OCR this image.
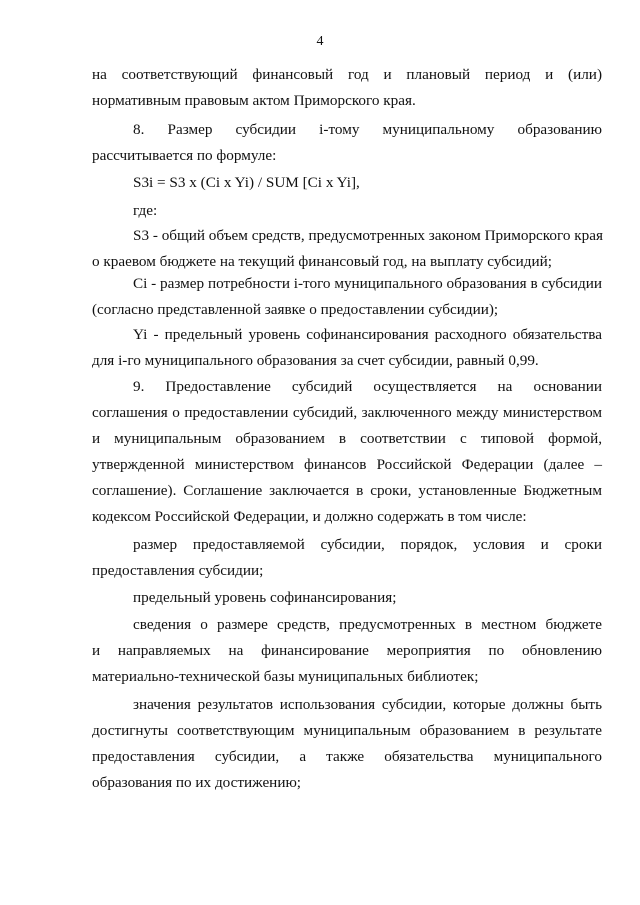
4
на соответствующий финансовый год и плановый период и (или)
нормативным правовым актом Приморского края.
8. Размер субсидии i-тому муниципальному образованию
рассчитывается по формуле:
S3i = S3 x (Ci x Yi) / SUM [Ci x Yi],
где:
S3 - общий объем средств, предусмотренных законом Приморского края
о краевом бюджете на текущий финансовый год, на выплату субсидий;
Ci - размер потребности i-того муниципального образования в субсидии
(согласно представленной заявке о предоставлении субсидии);
Yi - предельный уровень софинансирования расходного обязательства
для i-го муниципального образования за счет субсидии, равный 0,99.
9. Предоставление субсидий осуществляется на основании
соглашения о предоставлении субсидий, заключенного между министерством
и муниципальным образованием в соответствии с типовой формой,
утвержденной министерством финансов Российской Федерации (далее –
соглашение). Соглашение заключается в сроки, установленные Бюджетным
кодексом Российской Федерации, и должно содержать в том числе:
размер предоставляемой субсидии, порядок, условия и сроки
предоставления субсидии;
предельный уровень софинансирования;
сведения о размере средств, предусмотренных в местном бюджете
и направляемых на финансирование мероприятия по обновлению
материально-технической базы муниципальных библиотек;
значения результатов использования субсидии, которые должны быть
достигнуты соответствующим муниципальным образованием в результате
предоставления субсидии, а также обязательства муниципального
образования по их достижению;
